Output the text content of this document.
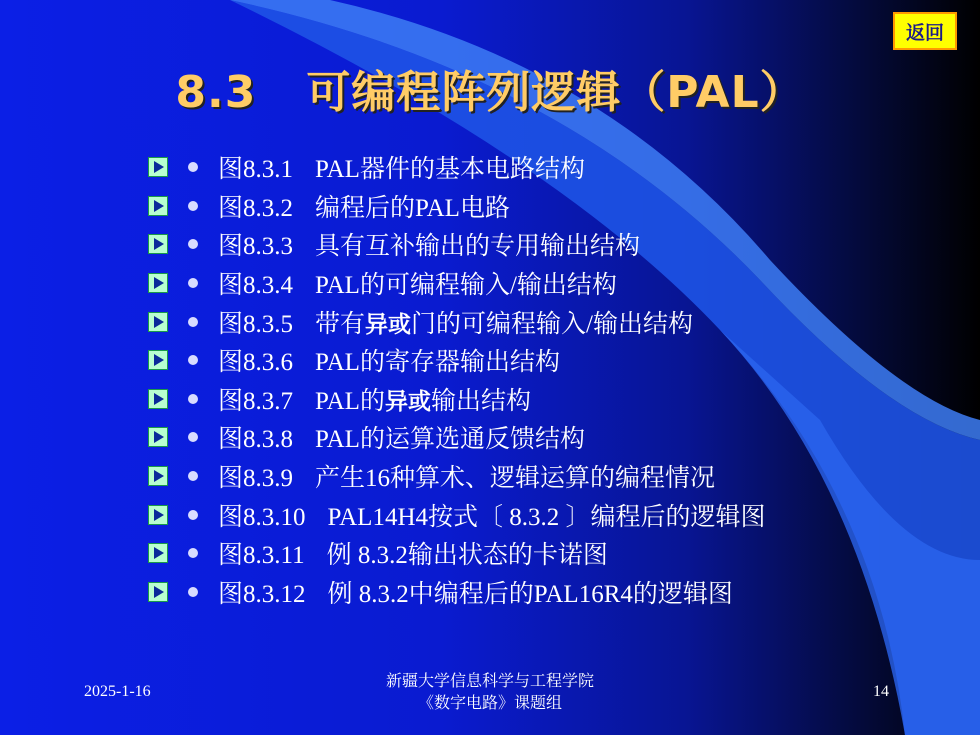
返回
8.3 可编程阵列逻辑（PAL）
图8.3.1 PAL器件的基本电路结构
图8.3.2 编程后的PAL电路
图8.3.3 具有互补输出的专用输出结构
图8.3.4 PAL的可编程输入/输出结构
图8.3.5 带有异或门的可编程输入/输出结构
图8.3.6 PAL的寄存器输出结构
图8.3.7 PAL的异或输出结构
图8.3.8 PAL的运算选通反馈结构
图8.3.9 产生16种算术、逻辑运算的编程情况
图8.3.10 PAL14H4按式〔 8.3.2 〕编程后的逻辑图
图8.3.11 例 8.3.2输出状态的卡诺图
图8.3.12 例 8.3.2中编程后的PAL16R4的逻辑图
2025-1-16
新疆大学信息科学与工程学院
《数字电路》课题组
14
